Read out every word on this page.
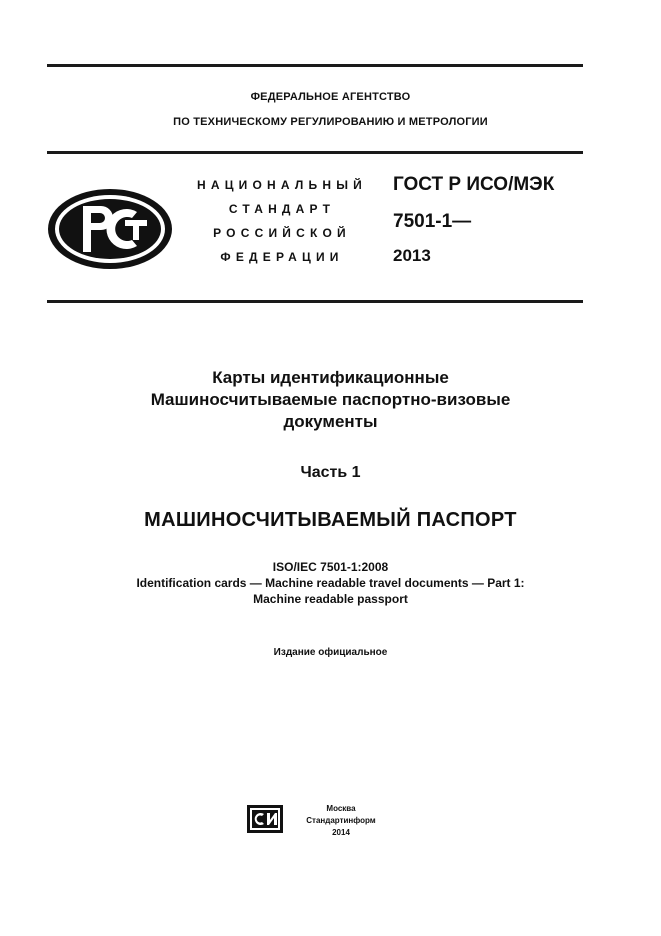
ФЕДЕРАЛЬНОЕ АГЕНТСТВО
ПО ТЕХНИЧЕСКОМУ РЕГУЛИРОВАНИЮ И МЕТРОЛОГИИ
НАЦИОНАЛЬНЫЙ
СТАНДАРТ
РОССИЙСКОЙ
ФЕДЕРАЦИИ
ГОСТ Р ИСО/МЭК
7501-1—
2013
Карты идентификационные
Машиносчитываемые паспортно-визовые
документы
Часть 1
МАШИНОСЧИТЫВАЕМЫЙ ПАСПОРТ
ISO/IEC 7501-1:2008
Identification cards — Machine readable travel documents — Part 1:
Machine readable passport
Издание официальное
Москва
Стандартинформ
2014
